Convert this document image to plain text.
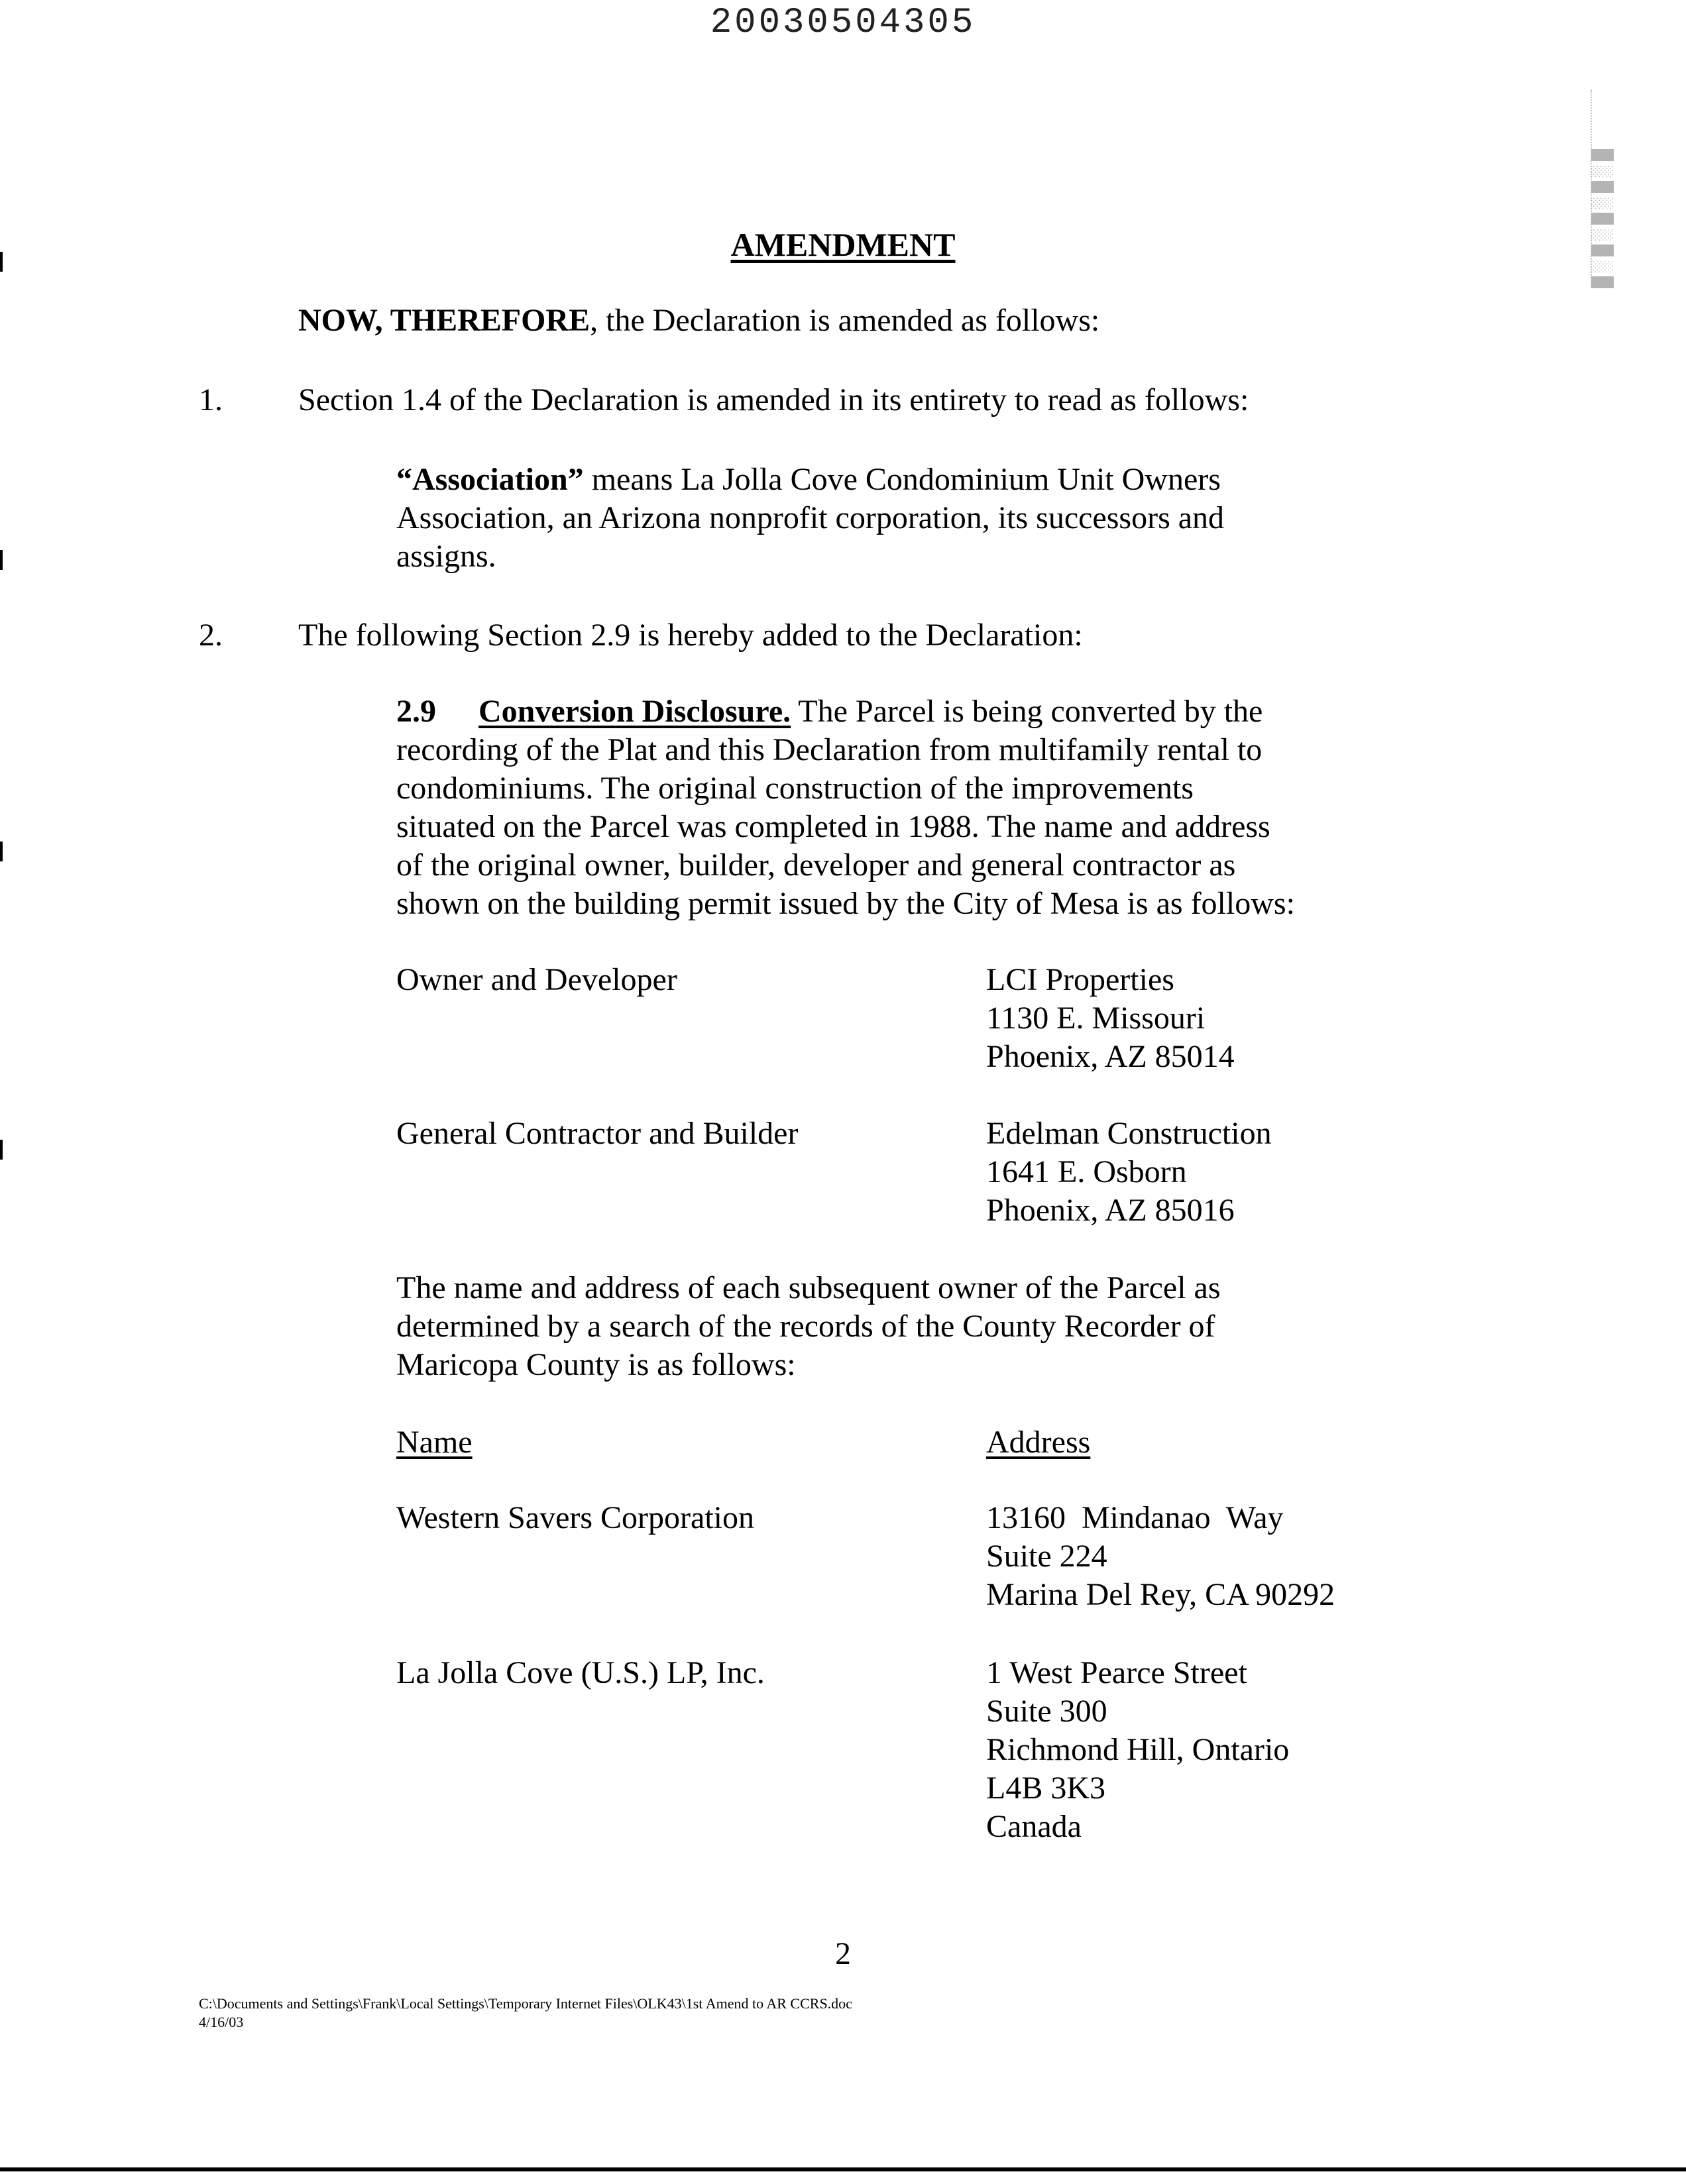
20030504305
█░█░█░█░█
AMENDMENT
NOW, THEREFORE, the Declaration is amended as follows:
1. Section 1.4 of the Declaration is amended in its entirety to read as follows:
“Association” means La Jolla Cove Condominium Unit Owners
Association, an Arizona nonprofit corporation, its successors and
assigns.
2. The following Section 2.9 is hereby added to the Declaration:
2.9 Conversion Disclosure. The Parcel is being converted by the
recording of the Plat and this Declaration from multifamily rental to
condominiums. The original construction of the improvements
situated on the Parcel was completed in 1988. The name and address
of the original owner, builder, developer and general contractor as
shown on the building permit issued by the City of Mesa is as follows:
Owner and Developer	LCI Properties
1130 E. Missouri
Phoenix, AZ 85014
General Contractor and Builder	Edelman Construction
1641 E. Osborn
Phoenix, AZ 85016
The name and address of each subsequent owner of the Parcel as
determined by a search of the records of the County Recorder of
Maricopa County is as follows:
Name	Address
Western Savers Corporation	13160  Mindanao  Way
Suite 224
Marina Del Rey, CA 90292
La Jolla Cove (U.S.) LP, Inc.	1 West Pearce Street
Suite 300
Richmond Hill, Ontario
L4B 3K3
Canada
2
C:\Documents and Settings\Frank\Local Settings\Temporary Internet Files\OLK43\1st Amend to AR CCRS.doc
4/16/03
